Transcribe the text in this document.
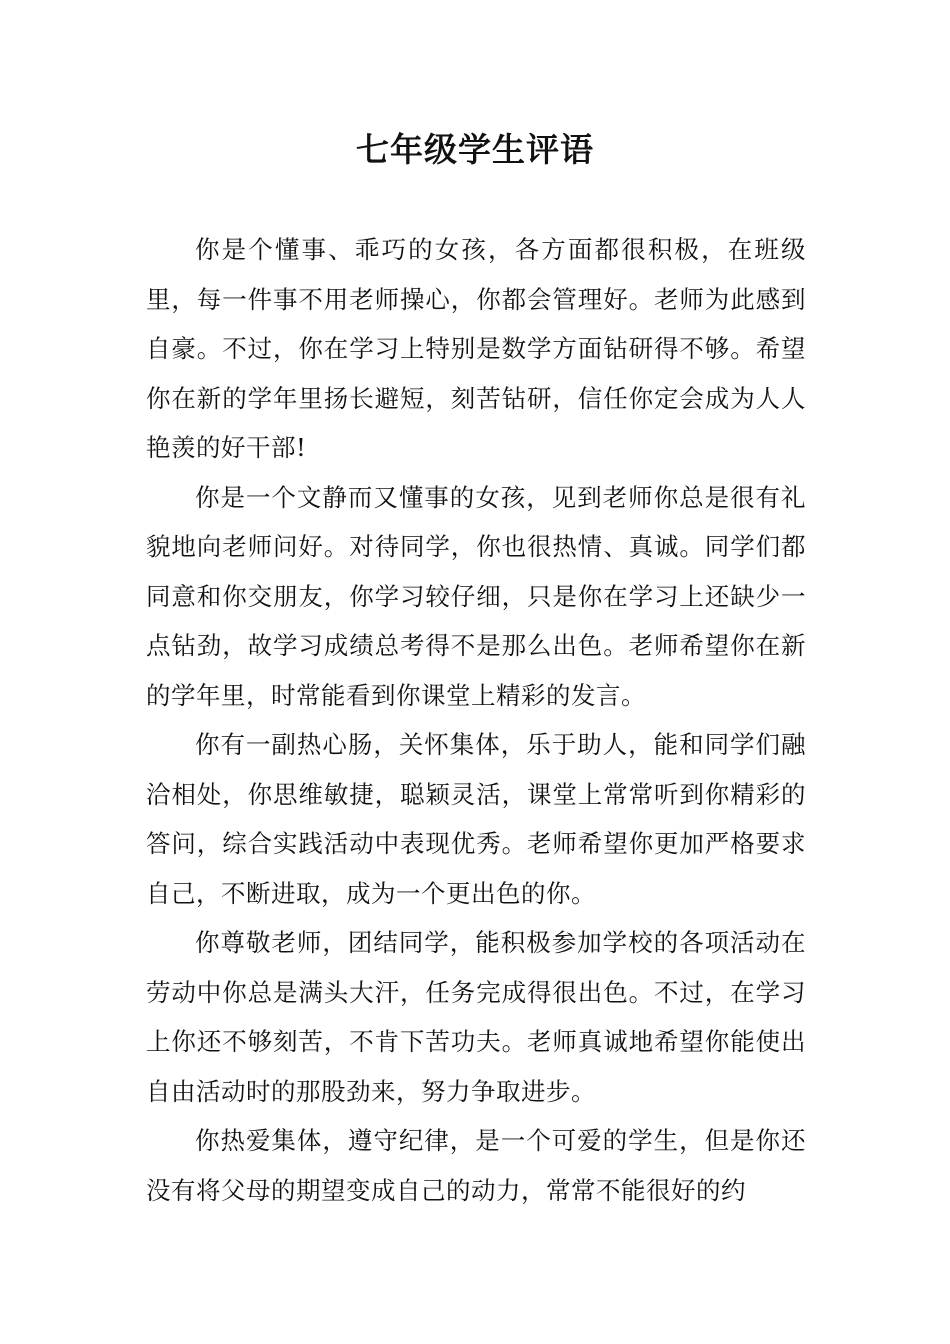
七年级学生评语

你是个懂事、乖巧的女孩，各方面都很积极，在班级里，每一件事不用老师操心，你都会管理好。老师为此感到自豪。不过，你在学习上特别是数学方面钻研得不够。希望你在新的学年里扬长避短，刻苦钻研，信任你定会成为人人艳羡的好干部!

你是一个文静而又懂事的女孩，见到老师你总是很有礼貌地向老师问好。对待同学，你也很热情、真诚。同学们都同意和你交朋友，你学习较仔细，只是你在学习上还缺少一点钻劲，故学习成绩总考得不是那么出色。老师希望你在新的学年里，时常能看到你课堂上精彩的发言。

你有一副热心肠，关怀集体，乐于助人，能和同学们融洽相处，你思维敏捷，聪颖灵活，课堂上常常听到你精彩的答问，综合实践活动中表现优秀。老师希望你更加严格要求自己，不断进取，成为一个更出色的你。

你尊敬老师，团结同学，能积极参加学校的各项活动在劳动中你总是满头大汗，任务完成得很出色。不过，在学习上你还不够刻苦，不肯下苦功夫。老师真诚地希望你能使出自由活动时的那股劲来，努力争取进步。

你热爱集体，遵守纪律，是一个可爱的学生，但是你还没有将父母的期望变成自己的动力，常常不能很好的约
